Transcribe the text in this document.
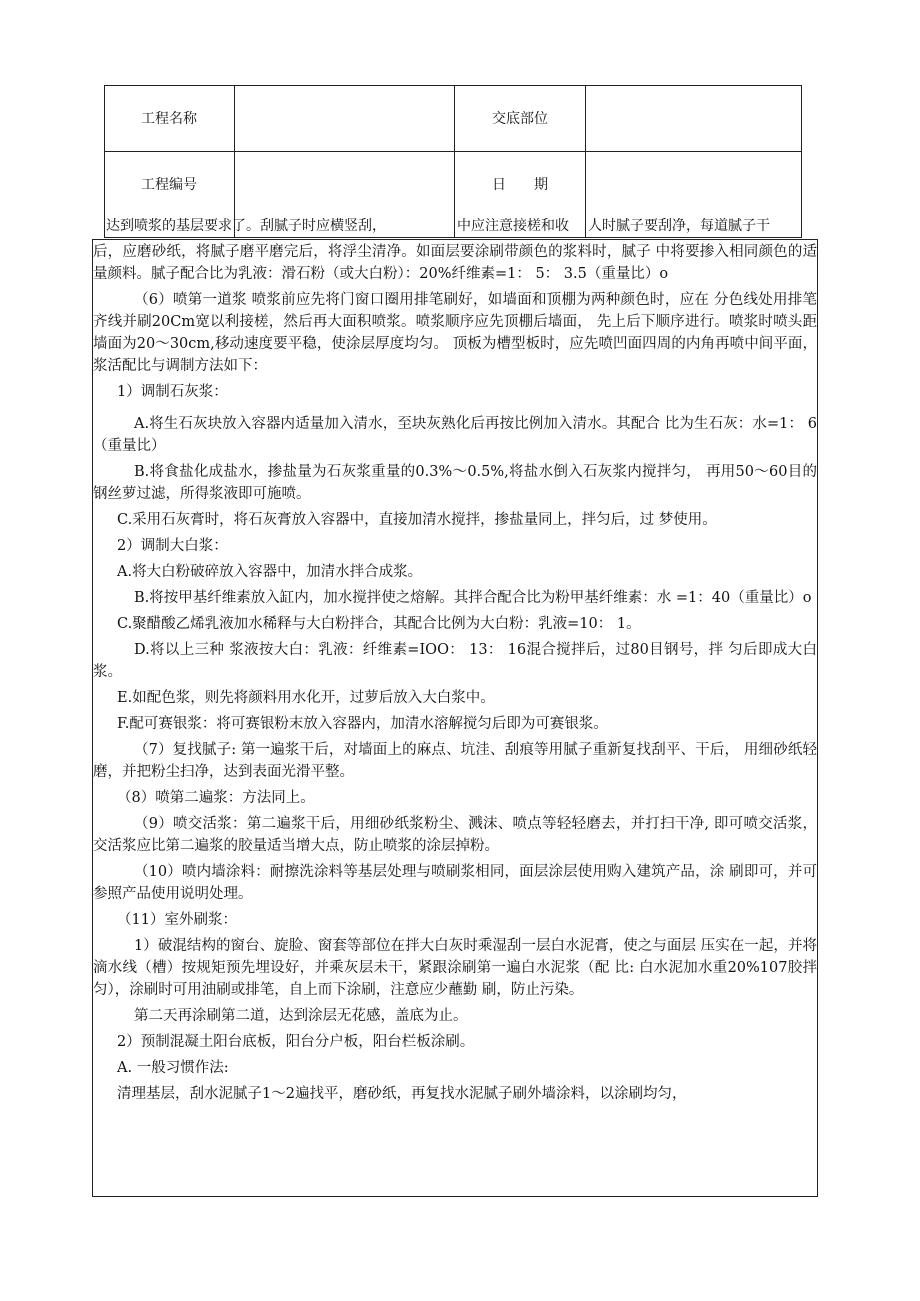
工程名称	交底部位
工程编号	日　　期
达到喷浆的基层要求了。刮腻子时应横竖刮，	中应注意接槎和收	人时腻子要刮净，每道腻子干

后，应磨砂纸，将腻子磨平磨完后，将浮尘清净。如面层要涂刷带颜色的浆料时，腻子 中将要掺入相同颜色的适量颜料。腻子配合比为乳液：滑石粉（或大白粉）：20%纤维素=1： 5： 3.5（重量比）o

（6）喷第一道浆 喷浆前应先将门窗口圈用排笔刷好，如墙面和顶棚为两种颜色时，应在 分色线处用排笔齐线并刷20Cm宽以利接槎，然后再大面积喷浆。喷浆顺序应先顶棚后墙面， 先上后下顺序进行。喷浆时喷头距墙面为20～30cm,移动速度要平稳，使涂层厚度均匀。 顶板为槽型板时，应先喷凹面四周的内角再喷中间平面，浆活配比与调制方法如下：

1）调制石灰浆：

A.将生石灰块放入容器内适量加入清水，至块灰熟化后再按比例加入清水。其配合 比为生石灰：水=1： 6（重量比）

B.将食盐化成盐水，掺盐量为石灰浆重量的0.3%～0.5%,将盐水倒入石灰浆内搅拌匀， 再用50～60目的钢丝萝过滤，所得浆液即可施喷。

C.采用石灰膏时，将石灰膏放入容器中，直接加清水搅拌，掺盐量同上，拌匀后，过 梦使用。

2）调制大白浆：

A.将大白粉破碎放入容器中，加清水拌合成浆。

B.将按甲基纤维素放入缸内，加水搅拌使之熔解。其拌合配合比为粉甲基纤维素：水 =1：40（重量比）o

C.聚醋酸乙烯乳液加水稀释与大白粉拌合，其配合比例为大白粉：乳液=10： 1。

D.将以上三种 浆液按大白：乳液：纤维素=IOO： 13： 16混合搅拌后，过80目钢号，拌 匀后即成大白浆。

E.如配色浆，则先将颜料用水化开，过萝后放入大白浆中。

F.配可赛银浆：将可赛银粉末放入容器内，加清水溶解搅匀后即为可赛银浆。

（7）复找腻子: 第一遍浆干后，对墙面上的麻点、坑洼、刮痕等用腻子重新复找刮平、干后， 用细砂纸轻磨，并把粉尘扫净，达到表面光滑平整。

（8）喷第二遍浆：方法同上。

（9）喷交活浆：第二遍浆干后，用细砂纸浆粉尘、溅沫、喷点等轻轻磨去，并打扫干净, 即可喷交活浆，交活浆应比第二遍浆的胶量适当增大点，防止喷浆的涂层掉粉。

（10）喷内墙涂料：耐擦洗涂料等基层处理与喷刷浆相同，面层涂层使用购入建筑产品，涂 刷即可，并可参照产品使用说明处理。

（11）室外刷浆：

1）破混结构的窗台、旋脸、窗套等部位在拌大白灰时乘湿刮一层白水泥膏，使之与面层 压实在一起，并将滴水线（槽）按规矩预先埋设好，并乘灰层未干，紧跟涂刷第一遍白水泥浆（配 比: 白水泥加水重20%107胶拌匀），涂刷时可用油刷或排笔，自上而下涂刷，注意应少蘸勤 刷，防止污染。

第二天再涂刷第二道，达到涂层无花感，盖底为止。

2）预制混凝土阳台底板，阳台分户板，阳台栏板涂刷。

A. 一般习惯作法:

清理基层，刮水泥腻子1～2遍找平，磨砂纸，再复找水泥腻子刷外墙涂料，以涂刷均匀，
